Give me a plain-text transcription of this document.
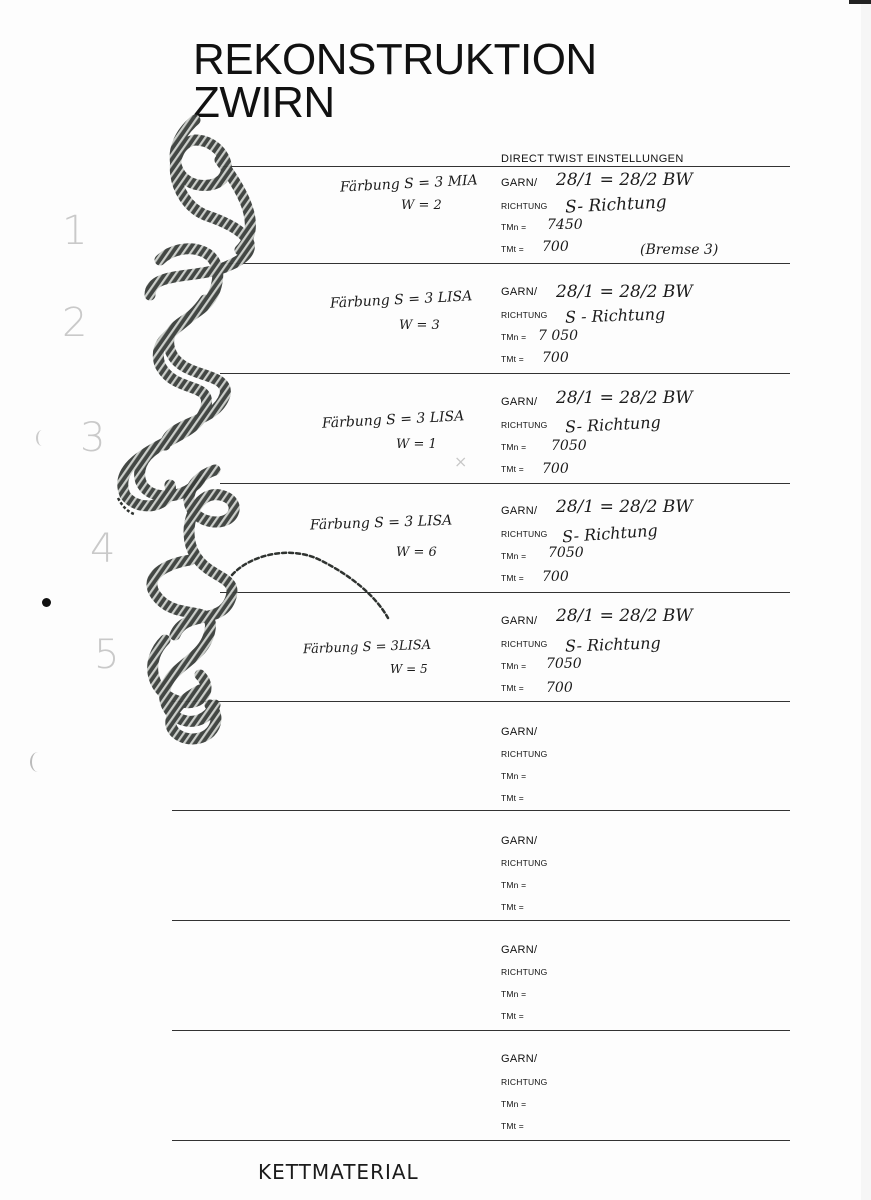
REKONSTRUKTION
ZWIRN
DIRECT TWIST EINSTELLUNGEN
1
2
3
4
5
Färbung S = 3 MIA
W = 2
GARN/
RICHTUNG
TMn =
TMt =
28/1 = 28/2 BW
S- Richtung
7450
700	(Bremse 3)
Färbung S = 3 LISA
W = 3
GARN/
RICHTUNG
TMn =
TMt =
28/1 = 28/2 BW
S - Richtung
7 050
700
Färbung S = 3 LISA
W = 1
GARN/
RICHTUNG
TMn =
TMt =
28/1 = 28/2 BW
S- Richtung
7050
700
×
Färbung S = 3 LISA
W = 6
GARN/
RICHTUNG
TMn =
TMt =
28/1 = 28/2 BW
S- Richtung
7050
700
Färbung S = 3LISA
W = 5
GARN/
RICHTUNG
TMn =
TMt =
28/1 = 28/2 BW
S- Richtung
7050
700
GARN/
RICHTUNG
TMn =
TMt =
GARN/
RICHTUNG
TMn =
TMt =
GARN/
RICHTUNG
TMn =
TMt =
GARN/
RICHTUNG
TMn =
TMt =
KETTMATERIAL
